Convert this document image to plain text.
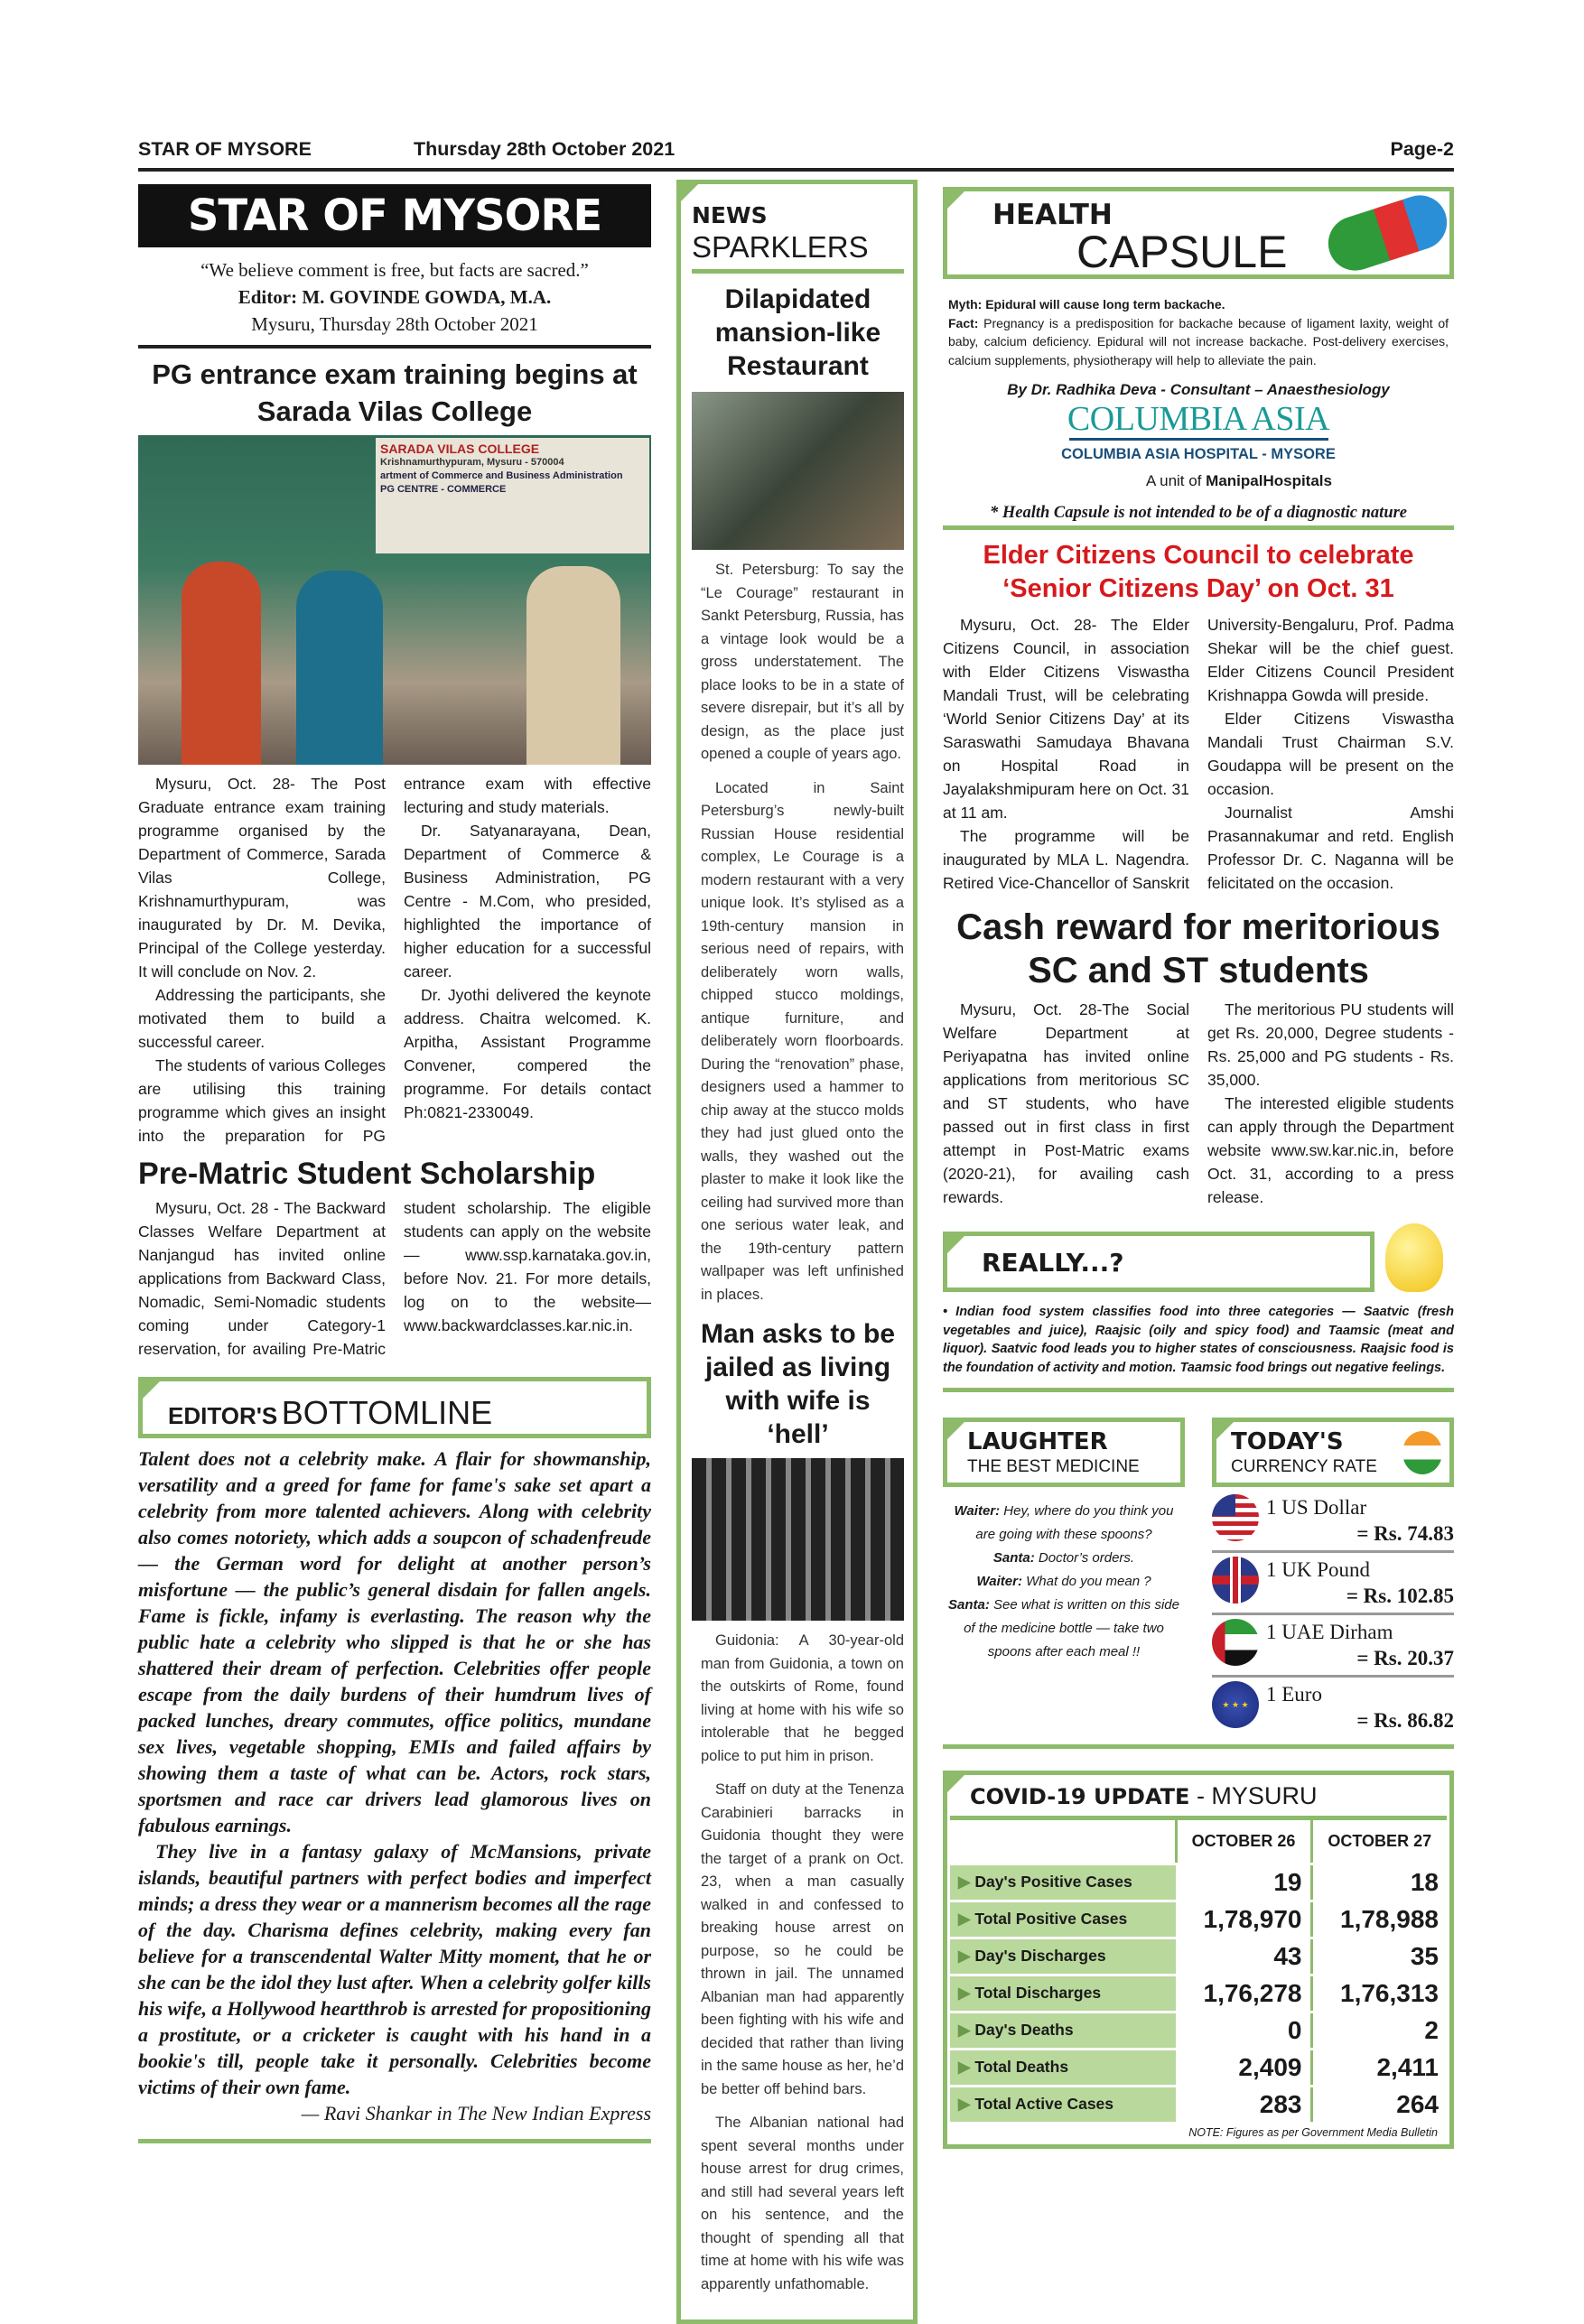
STAR OF MYSORE	Thursday 28th October 2021	Page-2
STAR OF MYSORE
“We believe comment is free, but facts are sacred.”
Editor: M. GOVINDE GOWDA, M.A.
Mysuru, Thursday 28th October 2021
PG entrance exam training begins at Sarada Vilas College
SARADA VILAS COLLEGE
Krishnamurthypuram, Mysuru - 570004
artment of Commerce and Business Administration
PG CENTRE - COMMERCE

Mysuru, Oct. 28- The Post Graduate entrance exam training programme organised by the Department of Commerce, Sarada Vilas College, Krishnamurthypuram, was inaugurated by Dr. M. Devika, Principal of the College yesterday. It will conclude on Nov. 2.

Addressing the participants, she motivated them to build a successful career.

The students of various Colleges are utilising this training programme which gives an insight into the preparation for PG entrance exam with effective lecturing and study materials.

Dr. Satyanarayana, Dean, Department of Commerce & Business Administration, PG Centre - M.Com, who presided, highlighted the importance of higher education for a successful career.

Dr. Jyothi delivered the keynote address. Chaitra welcomed. K. Arpitha, Assistant Programme Convener, compered the programme. For details contact Ph:0821-2330049.

Pre-Matric Student Scholarship

Mysuru, Oct. 28 - The Backward Classes Welfare Department at Nanjangud has invited online applications from Backward Class, Nomadic, Semi-Nomadic students coming under Category-1 reservation, for availing Pre-Matric student scholarship. The eligible students can apply on the website — www.ssp.karnataka.gov.in, before Nov. 21. For more details, log on to the website— www.backwardclasses.kar.nic.in.

EDITOR'S BOTTOMLINE

Talent does not a celebrity make. A flair for showmanship, versatility and a greed for fame for fame's sake set apart a celebrity from more talented achievers. Along with celebrity also comes notoriety, which adds a soupcon of schadenfreude — the German word for delight at another person’s misfortune — the public’s general disdain for fallen angels. Fame is fickle, infamy is everlasting. The reason why the public hate a celebrity who slipped is that he or she has shattered their dream of perfection. Celebrities offer people escape from the daily burdens of their humdrum lives of packed lunches, dreary commutes, office politics, mundane sex lives, vegetable shopping, EMIs and failed affairs by showing them a taste of what can be. Actors, rock stars, sportsmen and race car drivers lead glamorous lives on fabulous earnings.

They live in a fantasy galaxy of McMansions, private islands, beautiful partners with perfect bodies and imperfect minds; a dress they wear or a mannerism becomes all the rage of the day. Charisma defines celebrity, making every fan believe for a transcendental Walter Mitty moment, that he or she can be the idol they lust after. When a celebrity golfer kills his wife, a Hollywood heartthrob is arrested for propositioning a prostitute, or a cricketer is caught with his hand in a bookie's till, people take it personally. Celebrities become victims of their own fame.

— Ravi Shankar in The New Indian Express

NEWS
SPARKLERS
Dilapidated mansion-like Restaurant

St. Petersburg: To say the “Le Courage” restaurant in Sankt Petersburg, Russia, has a vintage look would be a gross understatement. The place looks to be in a state of severe disrepair, but it’s all by design, as the place just opened a couple of years ago.

Located in Saint Petersburg’s newly-built Russian House residential complex, Le Courage is a modern restaurant with a very unique look. It’s stylised as a 19th-century mansion in serious need of repairs, with deliberately worn walls, chipped stucco moldings, antique furniture, and deliberately worn floorboards. During the “renovation” phase, designers used a hammer to chip away at the stucco molds they had just glued onto the walls, they washed out the plaster to make it look like the ceiling had survived more than one serious water leak, and the 19th-century pattern wallpaper was left unfinished in places.

Man asks to be jailed as living with wife is ‘hell’

Guidonia: A 30-year-old man from Guidonia, a town on the outskirts of Rome, found living at home with his wife so intolerable that he begged police to put him in prison.

Staff on duty at the Tenenza Carabinieri barracks in Guidonia thought they were the target of a prank on Oct. 23, when a man casually walked in and confessed to breaking house arrest on purpose, so he could be thrown in jail. The unnamed Albanian man had apparently been fighting with his wife and decided that rather than living in the same house as her, he’d be better off behind bars.

The Albanian national had spent several months under house arrest for drug crimes, and still had several years left on his sentence, and the thought of spending all that time at home with his wife was apparently unfathomable.

HEALTH
CAPSULE
Myth: Epidural will cause long term backache.
Fact: Pregnancy is a predisposition for backache because of ligament laxity, weight of baby, calcium deficiency. Epidural will not increase backache. Post-delivery exercises, calcium supplements, physiotherapy will help to alleviate the pain.
By Dr. Radhika Deva - Consultant – Anaesthesiology
COLUMBIA ASIA
COLUMBIA ASIA HOSPITAL - MYSORE
A unit of ManipalHospitals
* Health Capsule is not intended to be of a diagnostic nature
Elder Citizens Council to celebrate ‘Senior Citizens Day’ on Oct. 31

Mysuru, Oct. 28- The Elder Citizens Council, in association with Elder Citizens Viswastha Mandali Trust, will be celebrating ‘World Senior Citizens Day’ at its Saraswathi Samudaya Bhavana on Hospital Road in Jayalakshmipuram here on Oct. 31 at 11 am.

The programme will be inaugurated by MLA L. Nagendra. Retired Vice-Chancellor of Sanskrit University-Bengaluru, Prof. Padma Shekar will be the chief guest. Elder Citizens Council President Krishnappa Gowda will preside.

Elder Citizens Viswastha Mandali Trust Chairman S.V. Goudappa will be present on the occasion.

Journalist Amshi Prasannakumar and retd. English Professor Dr. C. Naganna will be felicitated on the occasion.

Cash reward for meritorious SC and ST students

Mysuru, Oct. 28-The Social Welfare Department at Periyapatna has invited online applications from meritorious SC and ST students, who have passed out in first class in first attempt in Post-Matric exams (2020-21), for availing cash rewards.

The meritorious PU students will get Rs. 20,000, Degree students - Rs. 25,000 and PG students - Rs. 35,000.

The interested eligible students can apply through the Department website www.sw.kar.nic.in, before Oct. 31, according to a press release.

REALLY...?
• Indian food system classifies food into three categories — Saatvic (fresh vegetables and juice), Raajsic (oily and spicy food) and Taamsic (meat and liquor). Saatvic food leads you to higher states of consciousness. Raajsic food is the foundation of activity and motion. Taamsic food brings out negative feelings.
LAUGHTER
THE BEST MEDICINE
Waiter: Hey, where do you think you are going with these spoons?
Santa: Doctor’s orders.
Waiter: What do you mean ?
Santa: See what is written on this side of the medicine bottle — take two spoons after each meal !!
TODAY'S
CURRENCY RATE
1 US Dollar
= Rs. 74.83
1 UK Pound
= Rs. 102.85
1 UAE Dirham
= Rs. 20.37
★ ★ ★ 1 Euro
= Rs. 86.82
COVID-19 UPDATE - MYSURU
	OCTOBER 26	OCTOBER 27
▶ Day's Positive Cases	19	18
▶ Total Positive Cases	1,78,970	1,78,988
▶ Day's Discharges	43	35
▶ Total Discharges	1,76,278	1,76,313
▶ Day's Deaths	0	2
▶ Total Deaths	2,409	2,411
▶ Total Active Cases	283	264
NOTE: Figures as per Government Media Bulletin
